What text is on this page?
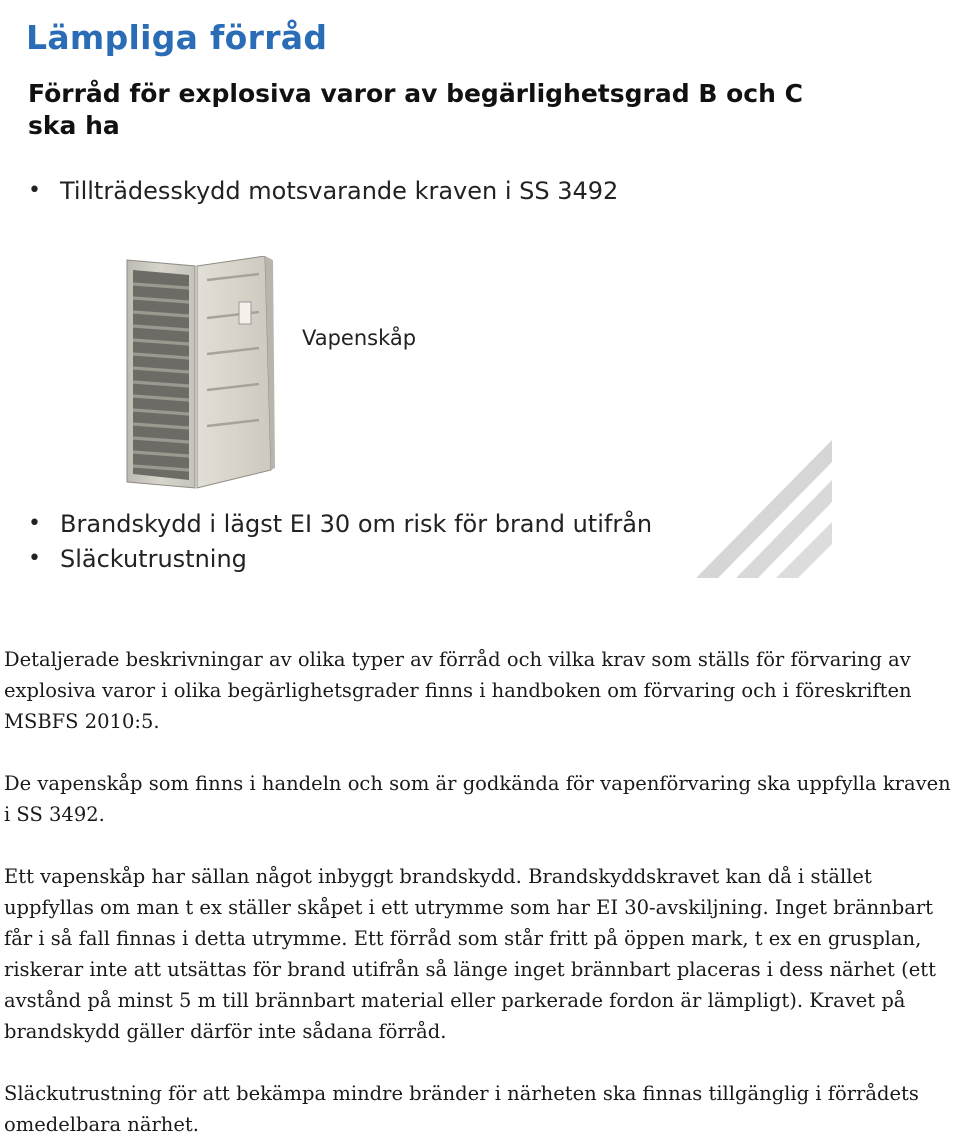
Lämpliga förråd
Förråd för explosiva varor av begärlighetsgrad B och C ska ha

• Tillträdesskydd motsvarande kraven i SS 3492

Vapenskåp

• Brandskydd i lägst EI 30 om risk för brand utifrån

• Släckutrustning

Detaljerade beskrivningar av olika typer av förråd och vilka krav som ställs för förvaring av explosiva varor i olika begärlighetsgrader finns i handboken om förvaring och i föreskriften MSBFS 2010:5.

De vapenskåp som finns i handeln och som är godkända för vapenförvaring ska uppfylla kraven i SS 3492.

Ett vapenskåp har sällan något inbyggt brandskydd. Brandskyddskravet kan då i stället uppfyllas om man t ex ställer skåpet i ett utrymme som har EI 30-avskiljning. Inget brännbart får i så fall finnas i detta utrymme. Ett förråd som står fritt på öppen mark, t ex en grusplan, riskerar inte att utsättas för brand utifrån så länge inget brännbart placeras i dess närhet (ett avstånd på minst 5 m till brännbart material eller parkerade fordon är lämpligt). Kravet på brandskydd gäller därför inte sådana förråd.

Släckutrustning för att bekämpa mindre bränder i närheten ska finnas tillgänglig i förrådets omedelbara närhet.
